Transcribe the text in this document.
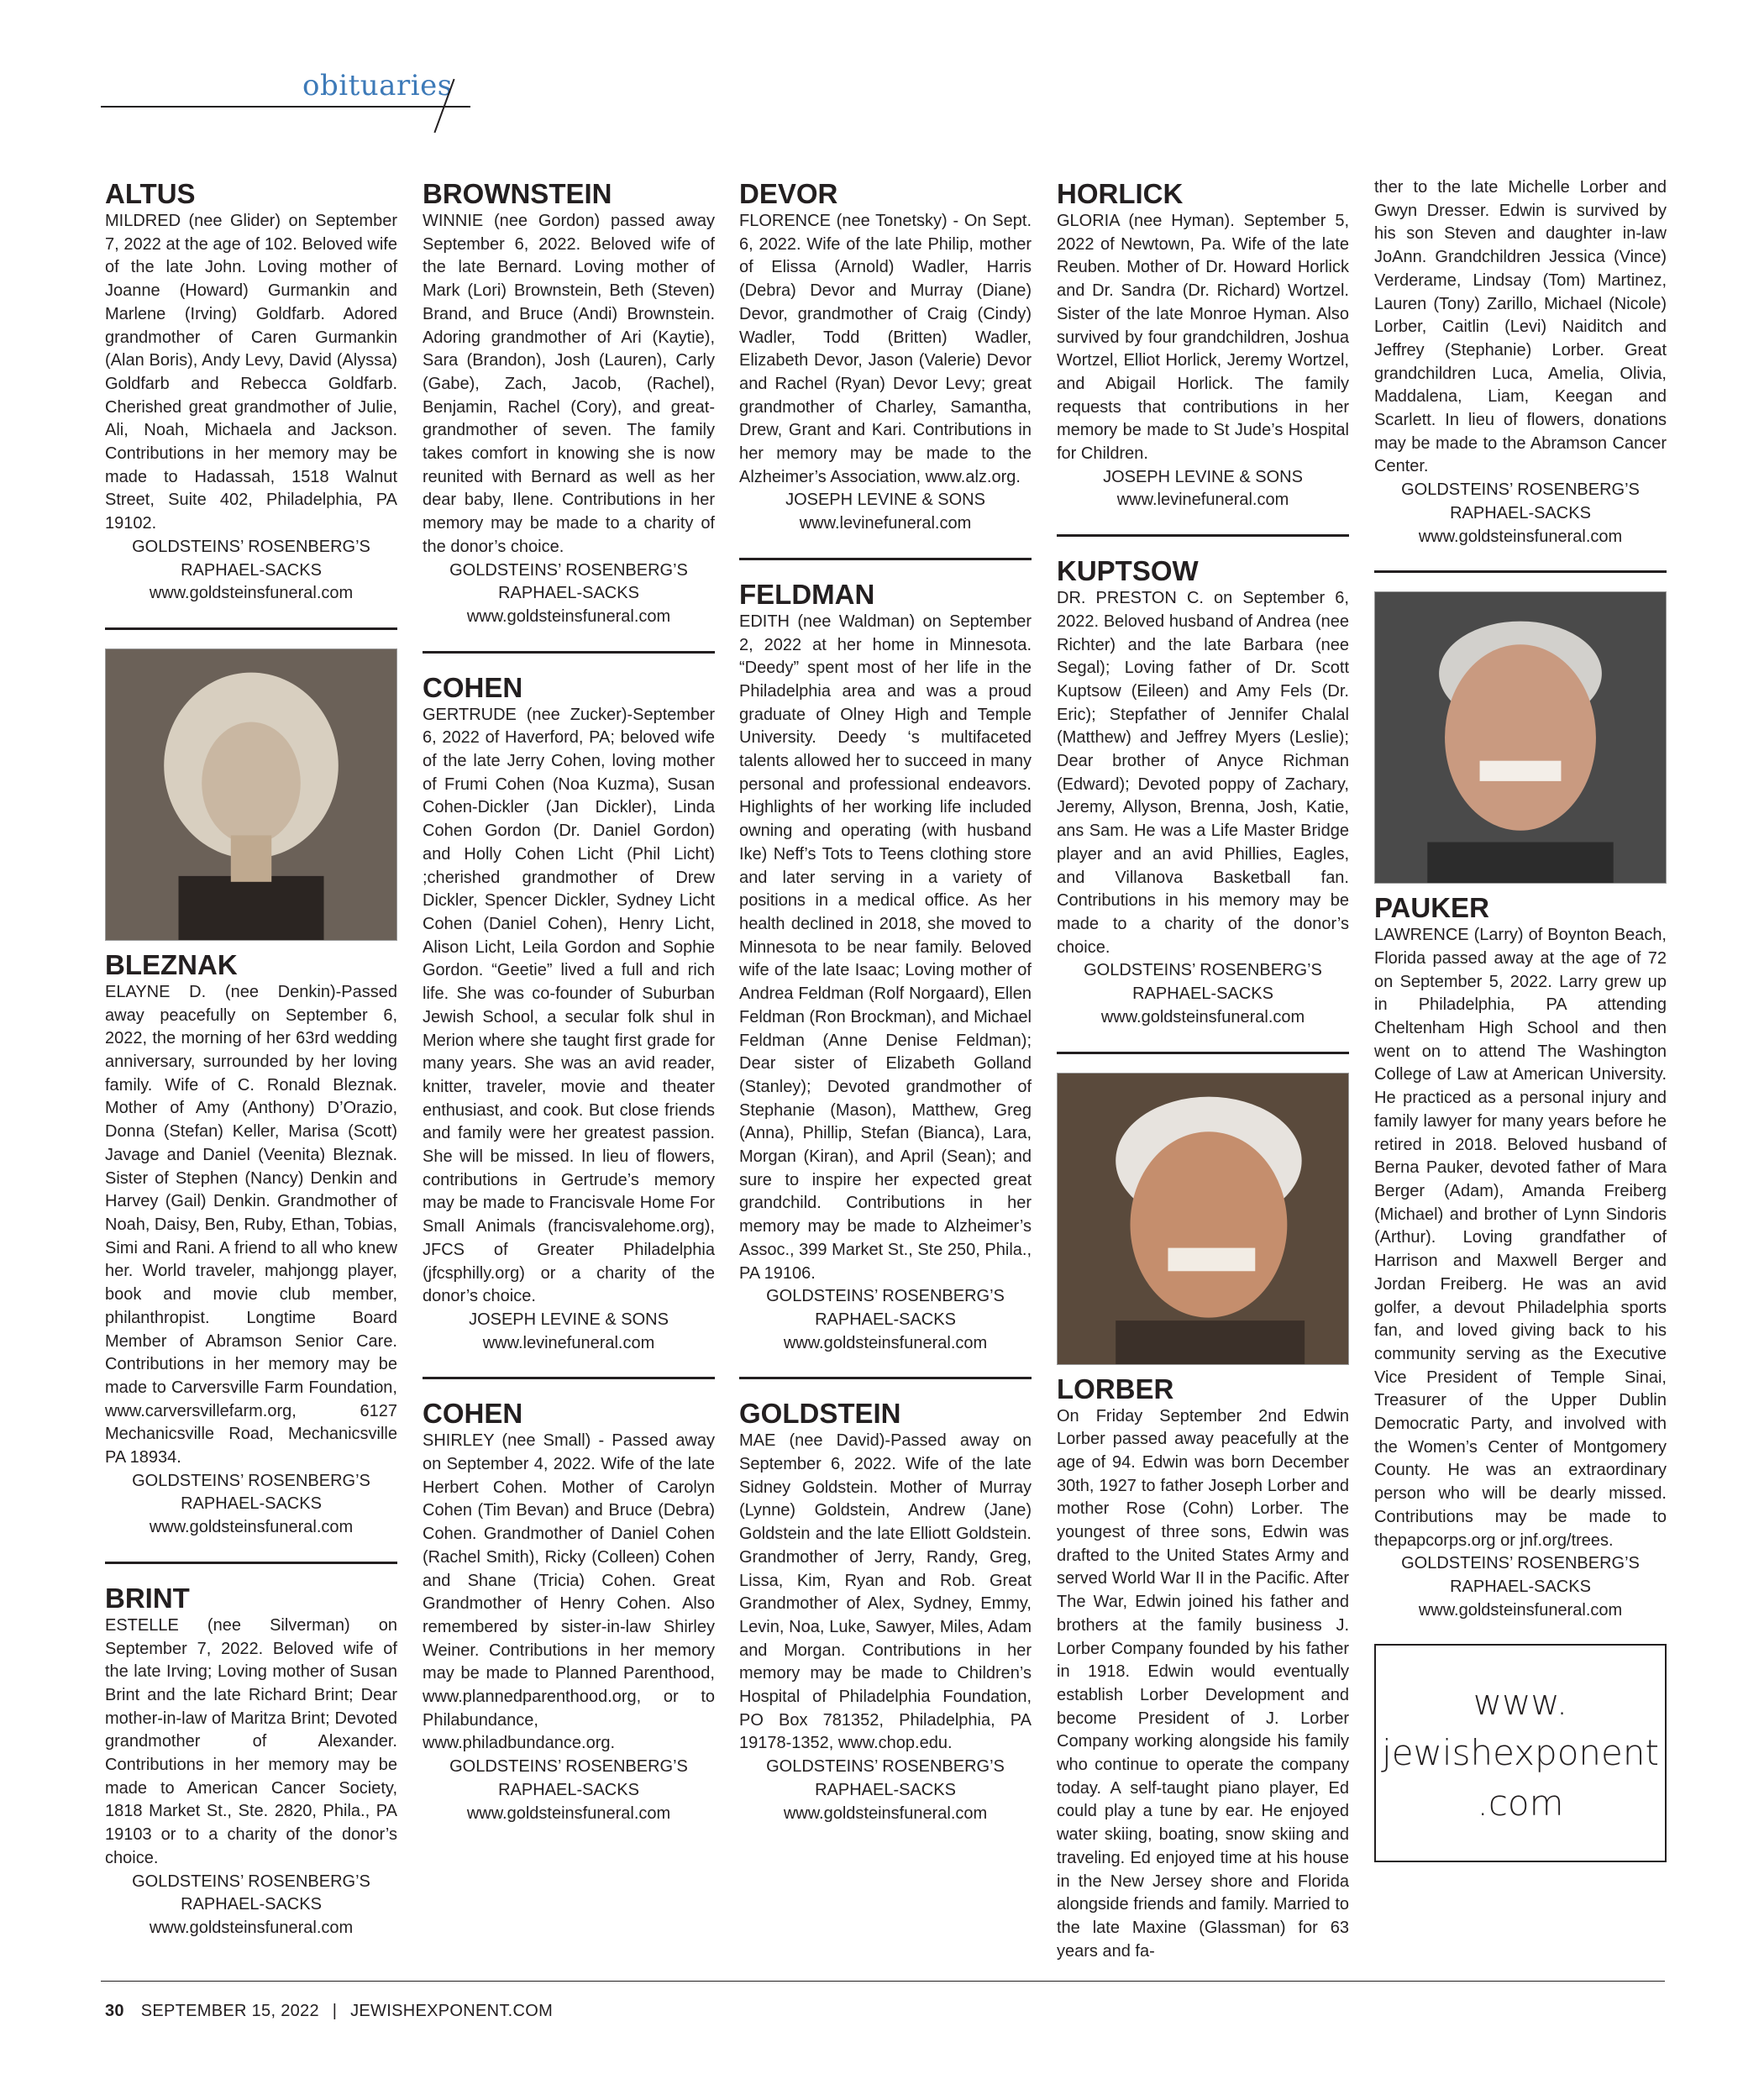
obituaries
ALTUS
MILDRED (nee Glider) on September 7, 2022 at the age of 102. Beloved wife of the late John. Loving mother of Joanne (Howard) Gurmankin and Marlene (Irving) Goldfarb. Adored grandmother of Caren Gurmankin (Alan Boris), Andy Levy, David (Alyssa) Goldfarb and Rebecca Goldfarb. Cherished great grandmother of Julie, Ali, Noah, Michaela and Jackson. Contributions in her memory may be made to Hadassah, 1518 Walnut Street, Suite 402, Philadelphia, PA 19102.
GOLDSTEINS’ ROSENBERG’S
RAPHAEL-SACKS
www.goldsteinsfuneral.com
BLEZNAK
ELAYNE D. (nee Denkin)-Passed away peacefully on September 6, 2022, the morning of her 63rd wedding anniversary, surrounded by her loving family. Wife of C. Ronald Bleznak. Mother of Amy (Anthony) D’Orazio, Donna (Stefan) Keller, Marisa (Scott) Javage and Daniel (Veenita) Bleznak. Sister of Stephen (Nancy) Denkin and Harvey (Gail) Denkin. Grandmother of Noah, Daisy, Ben, Ruby, Ethan, Tobias, Simi and Rani. A friend to all who knew her. World traveler, mahjongg player, book and movie club member, philanthropist. Longtime Board Member of Abramson Senior Care. Contributions in her memory may be made to Carversville Farm Foundation, www.carversvillefarm.org, 6127 Mechanicsville Road, Mechanicsville PA 18934.
GOLDSTEINS’ ROSENBERG’S
RAPHAEL-SACKS
www.goldsteinsfuneral.com
BRINT
ESTELLE (nee Silverman) on September 7, 2022. Beloved wife of the late Irving; Loving mother of Susan Brint and the late Richard Brint; Dear mother-in-law of Maritza Brint; Devoted grandmother of Alexander. Contributions in her memory may be made to American Cancer Society, 1818 Market St., Ste. 2820, Phila., PA 19103 or to a charity of the donor’s choice.
GOLDSTEINS’ ROSENBERG’S
RAPHAEL-SACKS
www.goldsteinsfuneral.com
BROWNSTEIN
WINNIE (nee Gordon) passed away September 6, 2022. Beloved wife of the late Bernard. Loving mother of Mark (Lori) Brownstein, Beth (Steven) Brand, and Bruce (Andi) Brownstein. Adoring grandmother of Ari (Kaytie), Sara (Brandon), Josh (Lauren), Carly (Gabe), Zach, Jacob, (Rachel), Benjamin, Rachel (Cory), and great-grandmother of seven. The family takes comfort in knowing she is now reunited with Bernard as well as her dear baby, Ilene. Contributions in her memory may be made to a charity of the donor’s choice.
GOLDSTEINS’ ROSENBERG’S
RAPHAEL-SACKS
www.goldsteinsfuneral.com
COHEN
GERTRUDE (nee Zucker)-September 6, 2022 of Haverford, PA; beloved wife of the late Jerry Cohen, loving mother of Frumi Cohen (Noa Kuzma), Susan Cohen-Dickler (Jan Dickler), Linda Cohen Gordon (Dr. Daniel Gordon) and Holly Cohen Licht (Phil Licht) ;cherished grandmother of Drew Dickler, Spencer Dickler, Sydney Licht Cohen (Daniel Cohen), Henry Licht, Alison Licht, Leila Gordon and Sophie Gordon. “Geetie” lived a full and rich life. She was co-founder of Suburban Jewish School, a secular folk shul in Merion where she taught first grade for many years. She was an avid reader, knitter, traveler, movie and theater enthusiast, and cook. But close friends and family were her greatest passion. She will be missed. In lieu of flowers, contributions in Gertrude’s memory may be made to Francisvale Home For Small Animals (francisvalehome.org), JFCS of Greater Philadelphia (jfcsphilly.org) or a charity of the donor’s choice.
JOSEPH LEVINE & SONS
www.levinefuneral.com
COHEN
SHIRLEY (nee Small) - Passed away on September 4, 2022. Wife of the late Herbert Cohen. Mother of Carolyn Cohen (Tim Bevan) and Bruce (Debra) Cohen. Grandmother of Daniel Cohen (Rachel Smith), Ricky (Colleen) Cohen and Shane (Tricia) Cohen. Great Grandmother of Henry Cohen. Also remembered by sister-in-law Shirley Weiner. Contributions in her memory may be made to Planned Parenthood, www.plannedparenthood.org, or to Philabundance, www.philadbundance.org.
GOLDSTEINS’ ROSENBERG’S
RAPHAEL-SACKS
www.goldsteinsfuneral.com
DEVOR
FLORENCE (nee Tonetsky) - On Sept. 6, 2022. Wife of the late Philip, mother of Elissa (Arnold) Wadler, Harris (Debra) Devor and Murray (Diane) Devor, grandmother of Craig (Cindy) Wadler, Todd (Britten) Wadler, Elizabeth Devor, Jason (Valerie) Devor and Rachel (Ryan) Devor Levy; great grandmother of Charley, Samantha, Drew, Grant and Kari. Contributions in her memory may be made to the Alzheimer’s Association, www.alz.org.
JOSEPH LEVINE & SONS
www.levinefuneral.com
FELDMAN
EDITH (nee Waldman) on September 2, 2022 at her home in Minnesota. “Deedy” spent most of her life in the Philadelphia area and was a proud graduate of Olney High and Temple University. Deedy ‘s multifaceted talents allowed her to succeed in many personal and professional endeavors. Highlights of her working life included owning and operating (with husband Ike) Neff’s Tots to Teens clothing store and later serving in a variety of positions in a medical office. As her health declined in 2018, she moved to Minnesota to be near family. Beloved wife of the late Isaac; Loving mother of Andrea Feldman (Rolf Norgaard), Ellen Feldman (Ron Brockman), and Michael Feldman (Anne Denise Feldman); Dear sister of Elizabeth Golland (Stanley); Devoted grandmother of Stephanie (Mason), Matthew, Greg (Anna), Phillip, Stefan (Bianca), Lara, Morgan (Kiran), and April (Sean); and sure to inspire her expected great grandchild. Contributions in her memory may be made to Alzheimer’s Assoc., 399 Market St., Ste 250, Phila., PA 19106.
GOLDSTEINS’ ROSENBERG’S
RAPHAEL-SACKS
www.goldsteinsfuneral.com
GOLDSTEIN
MAE (nee David)-Passed away on September 6, 2022. Wife of the late Sidney Goldstein. Mother of Murray (Lynne) Goldstein, Andrew (Jane) Goldstein and the late Elliott Goldstein. Grandmother of Jerry, Randy, Greg, Lissa, Kim, Ryan and Rob. Great Grandmother of Alex, Sydney, Emmy, Levin, Noa, Luke, Sawyer, Miles, Adam and Morgan. Contributions in her memory may be made to Children’s Hospital of Philadelphia Foundation, PO Box 781352, Philadelphia, PA 19178-1352, www.chop.edu.
GOLDSTEINS’ ROSENBERG’S
RAPHAEL-SACKS
www.goldsteinsfuneral.com
HORLICK
GLORIA (nee Hyman). September 5, 2022 of Newtown, Pa. Wife of the late Reuben. Mother of Dr. Howard Horlick and Dr. Sandra (Dr. Richard) Wortzel. Sister of the late Monroe Hyman. Also survived by four grandchildren, Joshua Wortzel, Elliot Horlick, Jeremy Wortzel, and Abigail Horlick. The family requests that contributions in her memory be made to St Jude’s Hospital for Children.
JOSEPH LEVINE & SONS
www.levinefuneral.com
KUPTSOW
DR. PRESTON C. on September 6, 2022. Beloved husband of Andrea (nee Richter) and the late Barbara (nee Segal); Loving father of Dr. Scott Kuptsow (Eileen) and Amy Fels (Dr. Eric); Stepfather of Jennifer Chalal (Matthew) and Jeffrey Myers (Leslie); Dear brother of Anyce Richman (Edward); Devoted poppy of Zachary, Jeremy, Allyson, Brenna, Josh, Katie, ans Sam. He was a Life Master Bridge player and an avid Phillies, Eagles, and Villanova Basketball fan. Contributions in his memory may be made to a charity of the donor’s choice.
GOLDSTEINS’ ROSENBERG’S
RAPHAEL-SACKS
www.goldsteinsfuneral.com
LORBER
On Friday September 2nd Edwin Lorber passed away peacefully at the age of 94. Edwin was born December 30th, 1927 to father Joseph Lorber and mother Rose (Cohn) Lorber. The youngest of three sons, Edwin was drafted to the United States Army and served World War II in the Pacific. After The War, Edwin joined his father and brothers at the family business J. Lorber Company founded by his father in 1918. Edwin would eventually establish Lorber Development and become President of J. Lorber Company working alongside his family who continue to operate the company today. A self-taught piano player, Ed could play a tune by ear. He enjoyed water skiing, boating, snow skiing and traveling. Ed enjoyed time at his house in the New Jersey shore and Florida alongside friends and family. Married to the late Maxine (Glassman) for 63 years and fa-
ther to the late Michelle Lorber and Gwyn Dresser. Edwin is survived by his son Steven and daughter in-law JoAnn. Grandchildren Jessica (Vince) Verderame, Lindsay (Tom) Martinez, Lauren (Tony) Zarillo, Michael (Nicole) Lorber, Caitlin (Levi) Naiditch and Jeffrey (Stephanie) Lorber. Great grandchildren Luca, Amelia, Olivia, Maddalena, Liam, Keegan and Scarlett. In lieu of flowers, donations may be made to the Abramson Cancer Center.
GOLDSTEINS’ ROSENBERG’S
RAPHAEL-SACKS
www.goldsteinsfuneral.com
PAUKER
LAWRENCE (Larry) of Boynton Beach, Florida passed away at the age of 72 on September 5, 2022. Larry grew up in Philadelphia, PA attending Cheltenham High School and then went on to attend The Washington College of Law at American University. He practiced as a personal injury and family lawyer for many years before he retired in 2018. Beloved husband of Berna Pauker, devoted father of Mara Berger (Adam), Amanda Freiberg (Michael) and brother of Lynn Sindoris (Arthur). Loving grandfather of Harrison and Maxwell Berger and Jordan Freiberg. He was an avid golfer, a devout Philadelphia sports fan, and loved giving back to his community serving as the Executive Vice President of Temple Sinai, Treasurer of the Upper Dublin Democratic Party, and involved with the Women’s Center of Montgomery County. He was an extraordinary person who will be dearly missed. Contributions may be made to thepapcorps.org or jnf.org/trees.
GOLDSTEINS’ ROSENBERG’S
RAPHAEL-SACKS
www.goldsteinsfuneral.com
www.
jewishexponent
.com
30 SEPTEMBER 15, 2022 | JEWISHEXPONENT.COM
